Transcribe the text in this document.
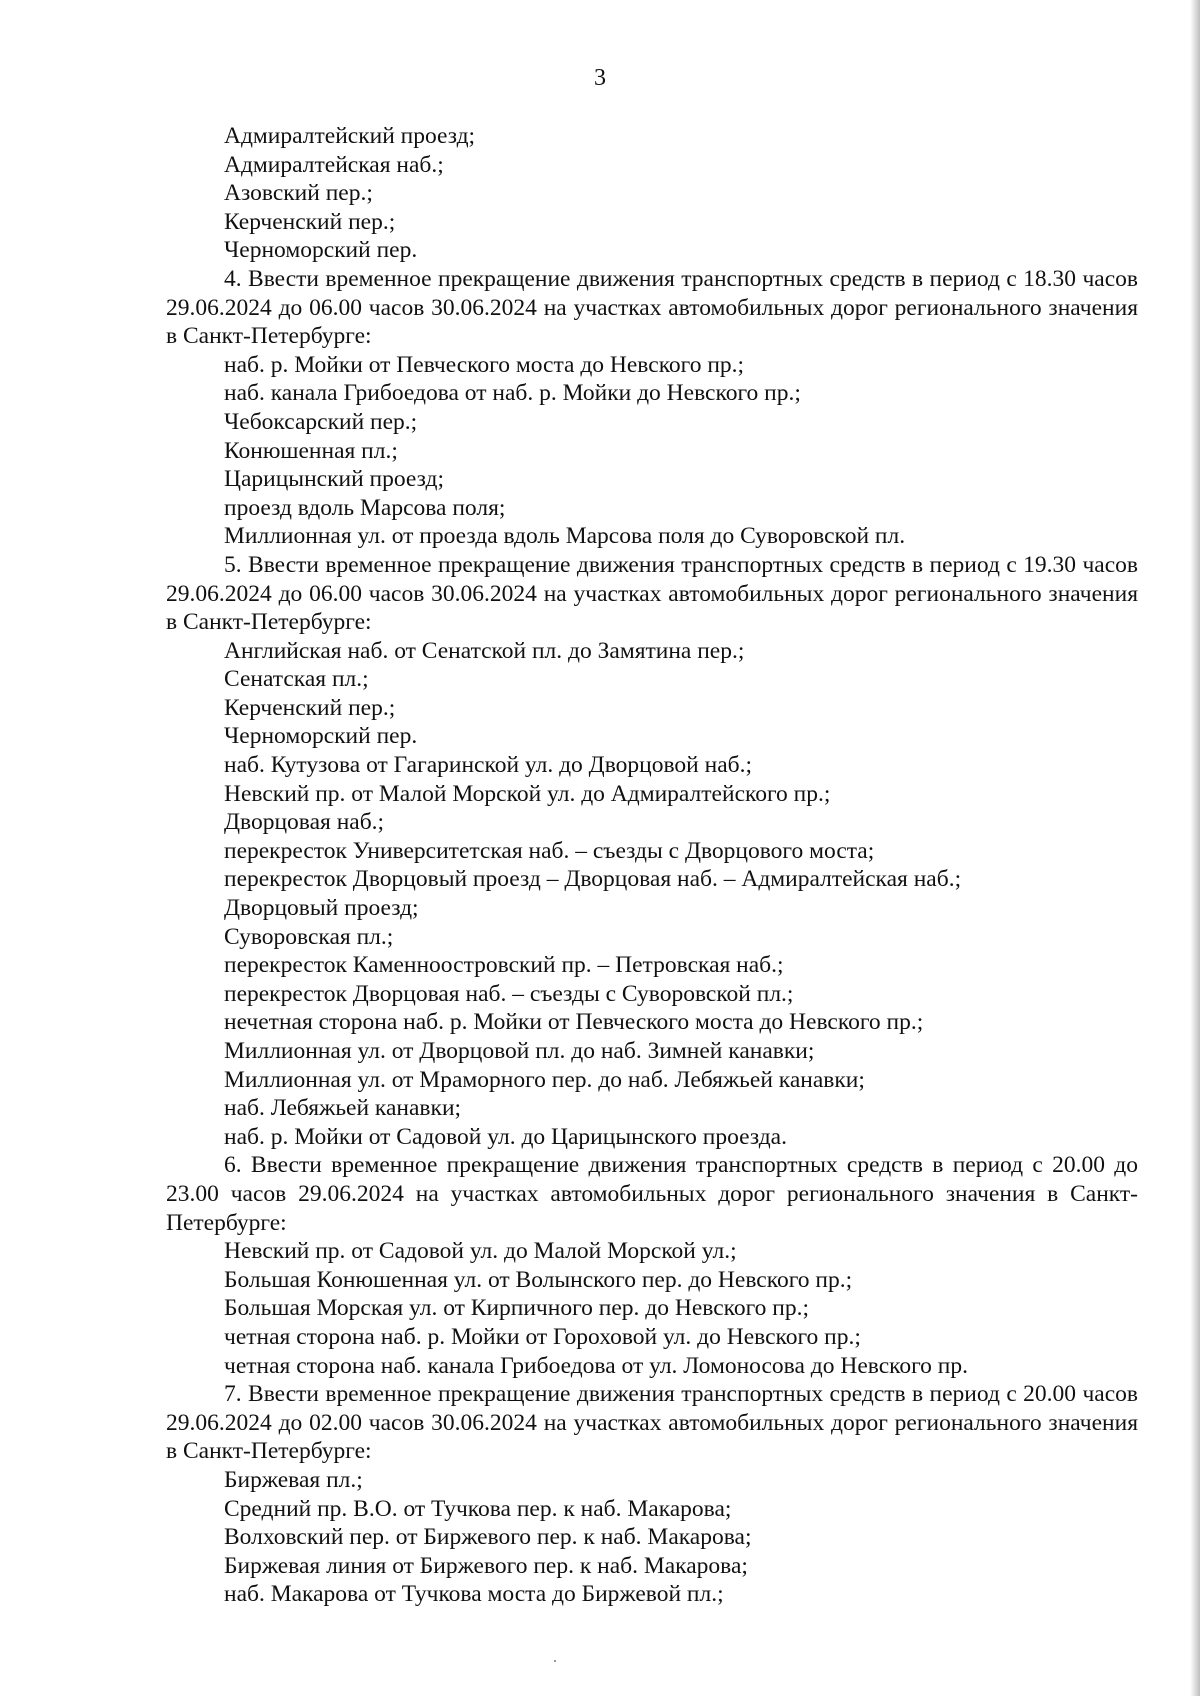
3

Адмиралтейский проезд;

Адмиралтейская наб.;

Азовский пер.;

Керченский пер.;

Черноморский пер.

4. Ввести временное прекращение движения транспортных средств в период с 18.30 часов 29.06.2024 до 06.00 часов 30.06.2024 на участках автомобильных дорог регионального значения в Санкт-Петербурге:

наб. р. Мойки от Певческого моста до Невского пр.;

наб. канала Грибоедова от наб. р. Мойки до Невского пр.;

Чебоксарский пер.;

Конюшенная пл.;

Царицынский проезд;

проезд вдоль Марсова поля;

Миллионная ул. от проезда вдоль Марсова поля до Суворовской пл.

5. Ввести временное прекращение движения транспортных средств в период с 19.30 часов 29.06.2024 до 06.00 часов 30.06.2024 на участках автомобильных дорог регионального значения в Санкт-Петербурге:

Английская наб. от Сенатской пл. до Замятина пер.;

Сенатская пл.;

Керченский пер.;

Черноморский пер.

наб. Кутузова от Гагаринской ул. до Дворцовой наб.;

Невский пр. от Малой Морской ул. до Адмиралтейского пр.;

Дворцовая наб.;

перекресток Университетская наб. – съезды с Дворцового моста;

перекресток Дворцовый проезд – Дворцовая наб. – Адмиралтейская наб.;

Дворцовый проезд;

Суворовская пл.;

перекресток Каменноостровский пр. – Петровская наб.;

перекресток Дворцовая наб. – съезды с Суворовской пл.;

нечетная сторона наб. р. Мойки от Певческого моста до Невского пр.;

Миллионная ул. от Дворцовой пл. до наб. Зимней канавки;

Миллионная ул. от Мраморного пер. до наб. Лебяжьей канавки;

наб. Лебяжьей канавки;

наб. р. Мойки от Садовой ул. до Царицынского проезда.

6. Ввести временное прекращение движения транспортных средств в период с 20.00 до 23.00 часов 29.06.2024 на участках автомобильных дорог регионального значения в Санкт-Петербурге:

Невский пр. от Садовой ул. до Малой Морской ул.;

Большая Конюшенная ул. от Волынского пер. до Невского пр.;

Большая Морская ул. от Кирпичного пер. до Невского пр.;

четная сторона наб. р. Мойки от Гороховой ул. до Невского пр.;

четная сторона наб. канала Грибоедова от ул. Ломоносова до Невского пр.

7. Ввести временное прекращение движения транспортных средств в период с 20.00 часов 29.06.2024 до 02.00 часов 30.06.2024 на участках автомобильных дорог регионального значения в Санкт-Петербурге:

Биржевая пл.;

Средний пр. В.О. от Тучкова пер. к наб. Макарова;

Волховский пер. от Биржевого пер. к наб. Макарова;

Биржевая линия от Биржевого пер. к наб. Макарова;

наб. Макарова от Тучкова моста до Биржевой пл.;
